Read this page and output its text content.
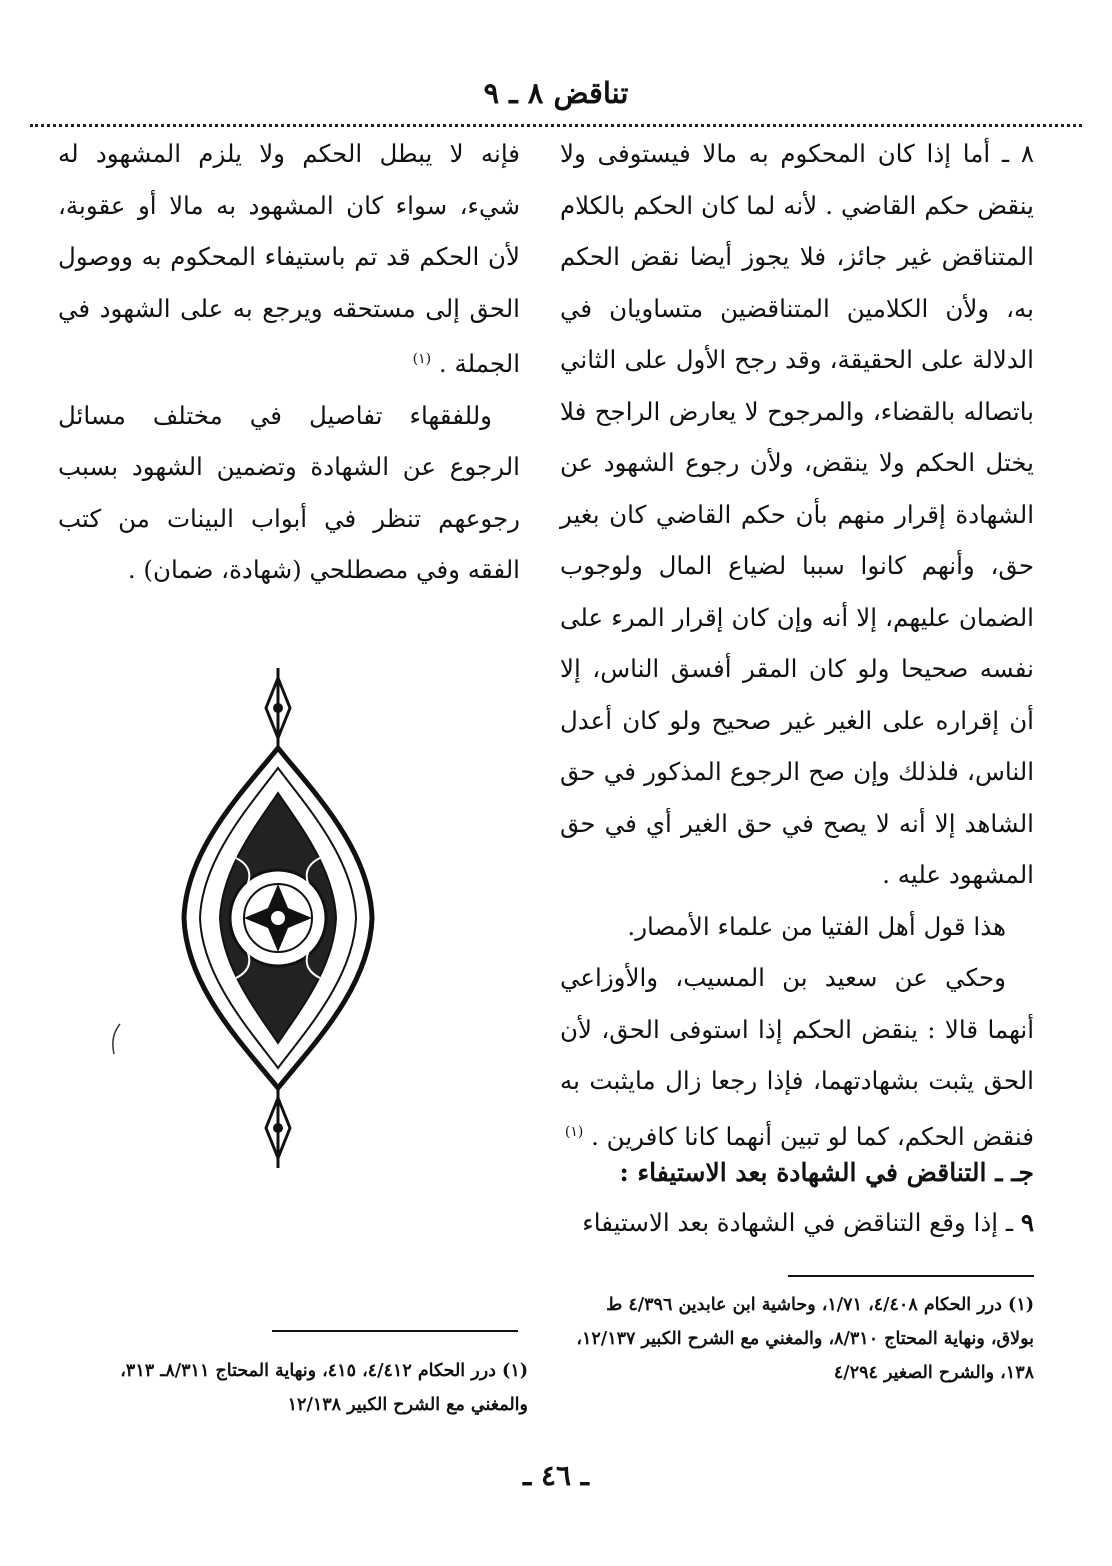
تناقض ٨ ـ ٩

٨ ـ أما إذا كان المحكوم به مالا فيستوفى ولا ينقض حكم القاضي . لأنه لما كان الحكم بالكلام المتناقض غير جائز، فلا يجوز أيضا نقض الحكم به، ولأن الكلامين المتناقضين متساويان في الدلالة على الحقيقة، وقد رجح الأول على الثاني باتصاله بالقضاء، والمرجوح لا يعارض الراجح فلا يختل الحكم ولا ينقض، ولأن رجوع الشهود عن الشهادة إقرار منهم بأن حكم القاضي كان بغير حق، وأنهم كانوا سببا لضياع المال ولوجوب الضمان عليهم، إلا أنه وإن كان إقرار المرء على نفسه صحيحا ولو كان المقر أفسق الناس، إلا أن إقراره على الغير غير صحيح ولو كان أعدل الناس، فلذلك وإن صح الرجوع المذكور في حق الشاهد إلا أنه لا يصح في حق الغير أي في حق المشهود عليه .

هذا قول أهل الفتيا من علماء الأمصار.

وحكي عن سعيد بن المسيب، والأوزاعي أنهما قالا : ينقض الحكم إذا استوفى الحق، لأن الحق يثبت بشهادتهما، فإذا رجعا زال مايثبت به فنقض الحكم، كما لو تبين أنهما كانا كافرين . $^{(١)}$

جـ ـ التناقض في الشهادة بعد الاستيفاء :
٩ ـ إذا وقع التناقض في الشهادة بعد الاستيفاء

فإنه لا يبطل الحكم ولا يلزم المشهود له شيء، سواء كان المشهود به مالا أو عقوبة، لأن الحكم قد تم باستيفاء المحكوم به ووصول الحق إلى مستحقه ويرجع به على الشهود في الجملة . $^{(١)}$

وللفقهاء تفاصيل في مختلف مسائل الرجوع عن الشهادة وتضمين الشهود بسبب رجوعهم تنظر في أبواب البينات من كتب الفقه وفي مصطلحي (شهادة، ضمان) .

(١) درر الحكام ٤/٤٠٨، ١/٧١، وحاشية ابن عابدين ٤/٣٩٦ ط بولاق، ونهاية المحتاج ٨/٣١٠، والمغني مع الشرح الكبير ١٢/١٣٧، ١٣٨، والشرح الصغير ٤/٢٩٤
(١) درر الحكام ٤/٤١٢، ٤١٥، ونهاية المحتاج ٨/٣١١ـ ٣١٣، والمغني مع الشرح الكبير ١٢/١٣٨
ـ ٤٦ ـ
